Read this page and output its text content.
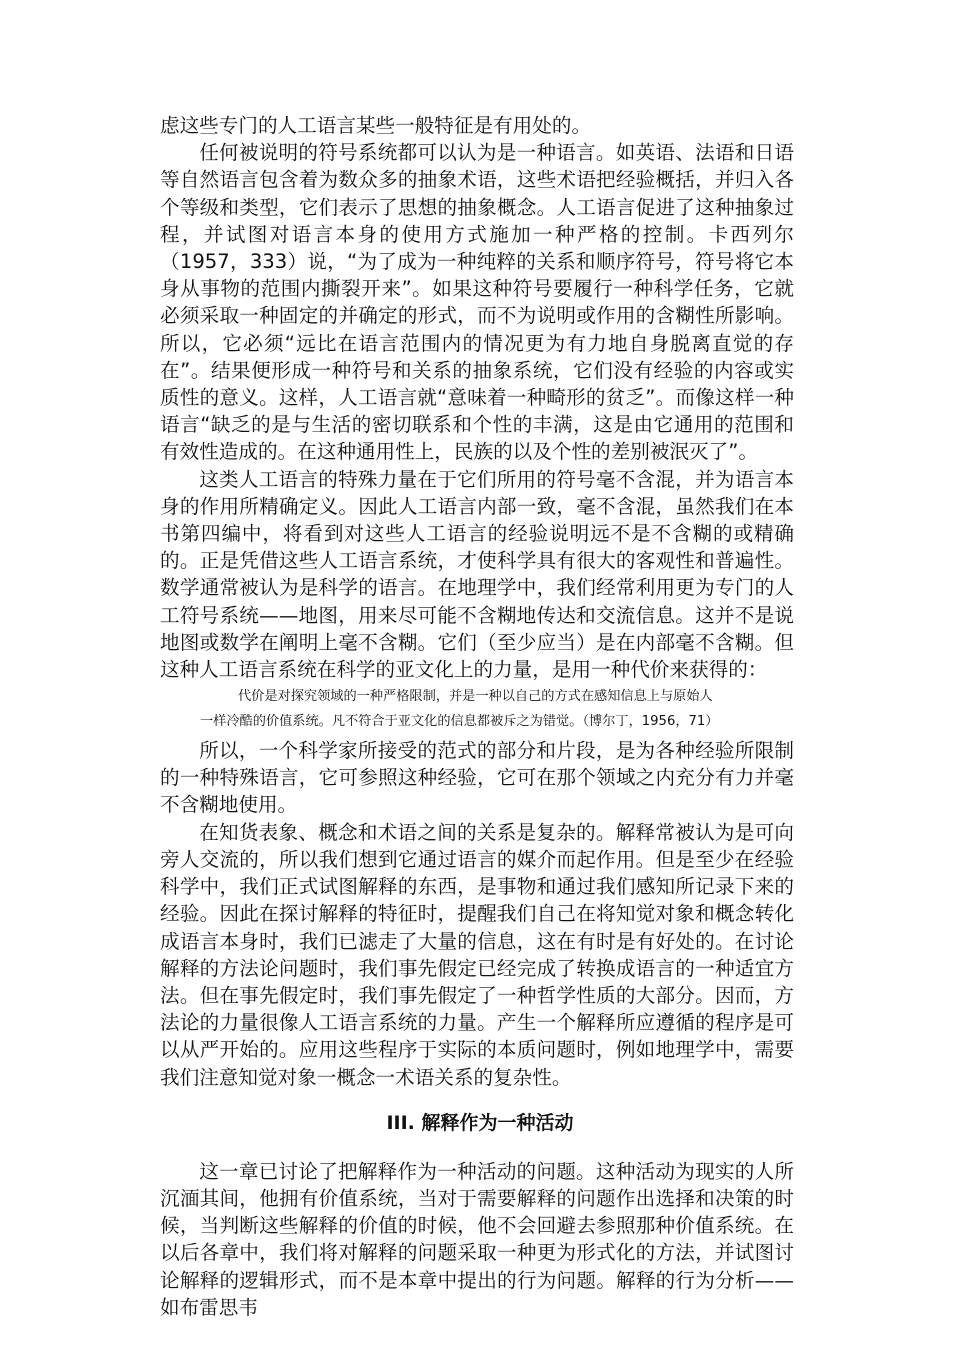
虑这些专门的人工语言某些一般特征是有用处的。

任何被说明的符号系统都可以认为是一种语言。如英语、法语和日语等自然语言包含着为数众多的抽象术语，这些术语把经验概括，并归入各个等级和类型，它们表示了思想的抽象概念。人工语言促进了这种抽象过程，并试图对语言本身的使用方式施加一种严格的控制。卡西列尔（1957，333）说，“为了成为一种纯粹的关系和顺序符号，符号将它本身从事物的范围内撕裂开来”。如果这种符号要履行一种科学任务，它就必须采取一种固定的并确定的形式，而不为说明或作用的含糊性所影响。所以，它必须“远比在语言范围内的情况更为有力地自身脱离直觉的存在”。结果便形成一种符号和关系的抽象系统，它们没有经验的内容或实质性的意义。这样，人工语言就“意味着一种畸形的贫乏”。而像这样一种语言“缺乏的是与生活的密切联系和个性的丰满，这是由它通用的范围和有效性造成的。在这种通用性上，民族的以及个性的差别被泯灭了”。

这类人工语言的特殊力量在于它们所用的符号毫不含混，并为语言本身的作用所精确定义。因此人工语言内部一致，毫不含混，虽然我们在本书第四编中，将看到对这些人工语言的经验说明远不是不含糊的或精确的。正是凭借这些人工语言系统，才使科学具有很大的客观性和普遍性。数学通常被认为是科学的语言。在地理学中，我们经常利用更为专门的人工符号系统——地图，用来尽可能不含糊地传达和交流信息。这并不是说地图或数学在阐明上毫不含糊。它们（至少应当）是在内部毫不含糊。但这种人工语言系统在科学的亚文化上的力量，是用一种代价来获得的：

代价是对探究领域的一种严格限制，并是一种以自己的方式在感知信息上与原始人
一样冷酷的价值系统。凡不符合于亚文化的信息都被斥之为错觉。（博尔丁，1956，71）

所以，一个科学家所接受的范式的部分和片段，是为各种经验所限制的一种特殊语言，它可参照这种经验，它可在那个领域之内充分有力并毫不含糊地使用。

在知货表象、概念和术语之间的关系是复杂的。解释常被认为是可向旁人交流的，所以我们想到它通过语言的媒介而起作用。但是至少在经验科学中，我们正式试图解释的东西，是事物和通过我们感知所记录下来的经验。因此在探讨解释的特征时，提醒我们自己在将知觉对象和概念转化成语言本身时，我们已滤走了大量的信息，这在有时是有好处的。在讨论解释的方法论问题时，我们事先假定已经完成了转换成语言的一种适宜方法。但在事先假定时，我们事先假定了一种哲学性质的大部分。因而，方法论的力量很像人工语言系统的力量。产生一个解释所应遵循的程序是可以从严开始的。应用这些程序于实际的本质问题时，例如地理学中，需要我们注意知觉对象一概念一术语关系的复杂性。

III. 解释作为一种活动

这一章已讨论了把解释作为一种活动的问题。这种活动为现实的人所沉湎其间，他拥有价值系统，当对于需要解释的问题作出选择和决策的时候，当判断这些解释的价值的时候，他不会回避去参照那种价值系统。在以后各章中，我们将对解释的问题采取一种更为形式化的方法，并试图讨论解释的逻辑形式，而不是本章中提出的行为问题。解释的行为分析——如布雷思韦
